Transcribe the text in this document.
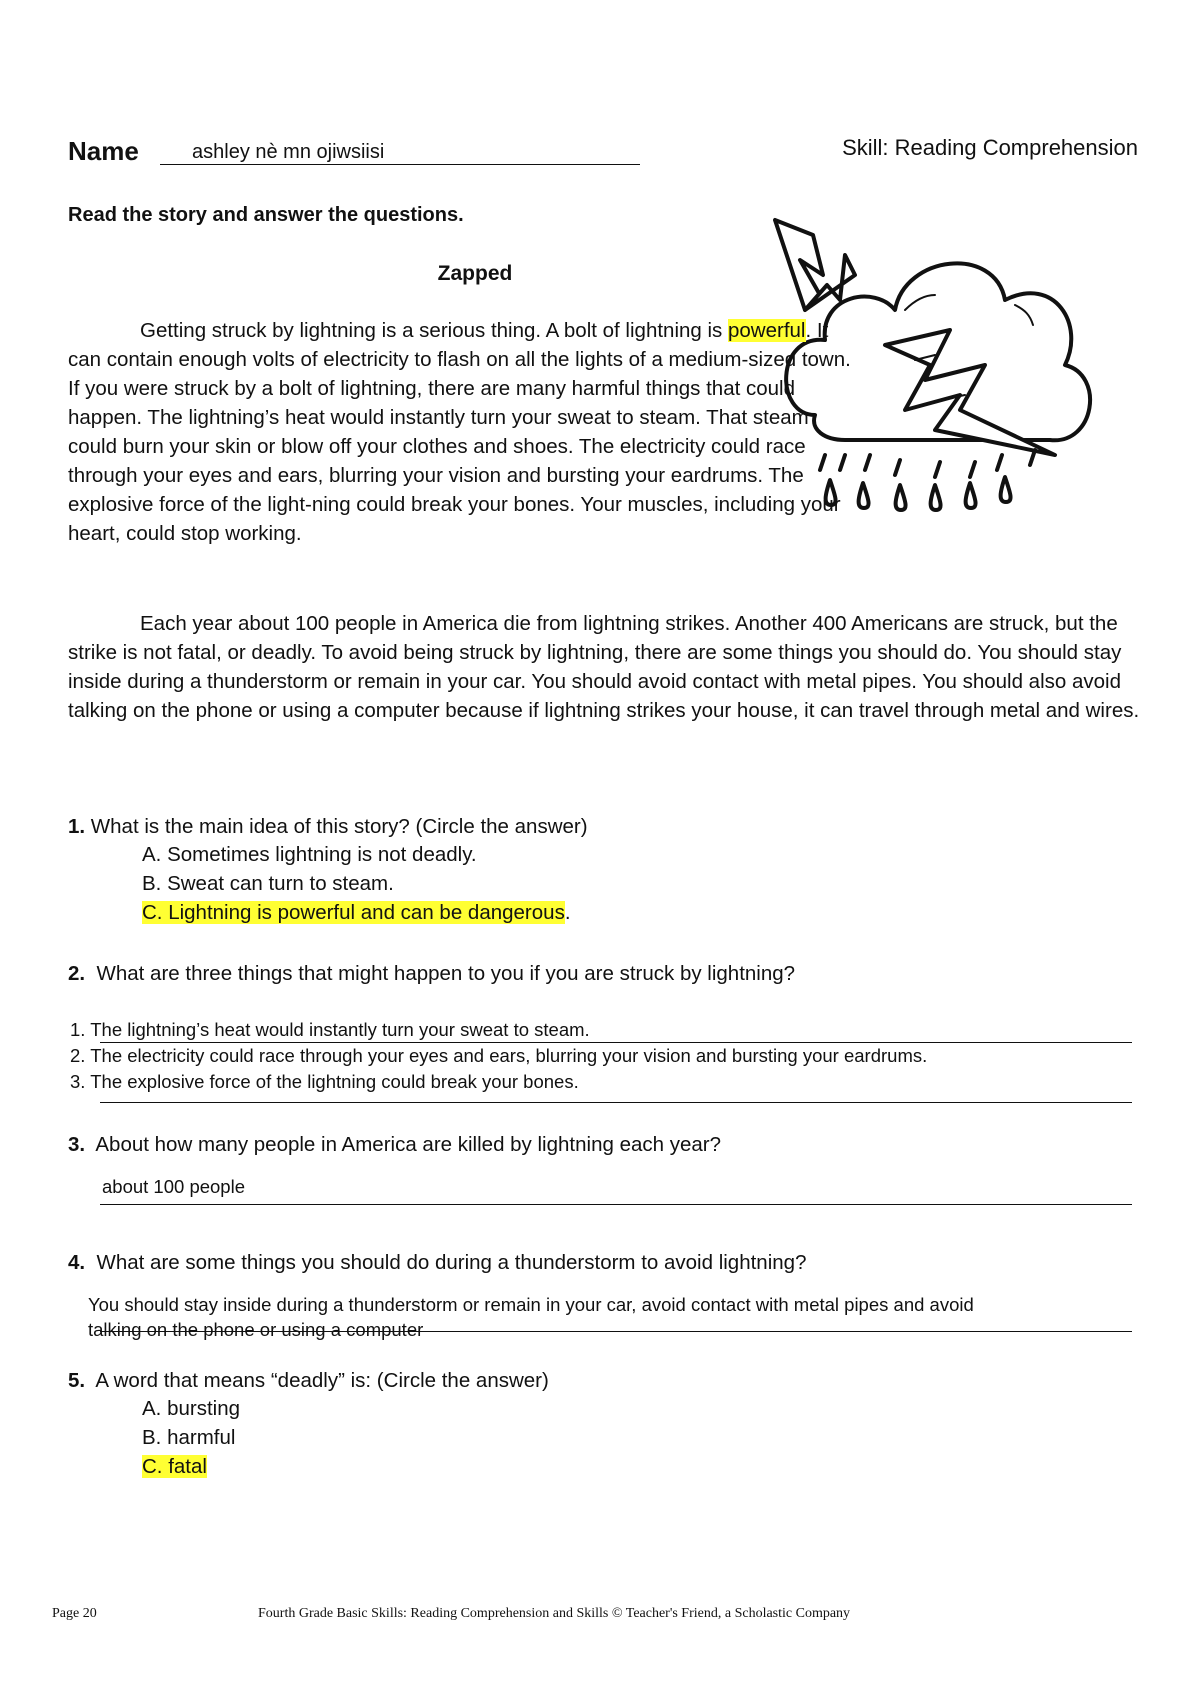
Name	ashley nè mn ojiwsiisi	Skill: Reading Comprehension
Read the story and answer the questions.
Zapped

Getting struck by lightning is a serious thing. A bolt of lightning is powerful. It can contain enough volts of electricity to flash on all the lights of a medium-sized town. If you were struck by a bolt of lightning, there are many harmful things that could happen. The lightning’s heat would instantly turn your sweat to steam. That steam could burn your skin or blow off your clothes and shoes. The electricity could race through your eyes and ears, blurring your vision and bursting your eardrums. The explosive force of the light-ning could break your bones. Your muscles, including your heart, could stop working.

Each year about 100 people in America die from lightning strikes. Another 400 Americans are struck, but the strike is not fatal, or deadly. To avoid being struck by lightning, there are some things you should do. You should stay inside during a thunderstorm or remain in your car. You should avoid contact with metal pipes. You should also avoid talking on the phone or using a computer because if lightning strikes your house, it can travel through metal and wires.

1. What is the main idea of this story? (Circle the answer)
A. Sometimes lightning is not deadly.
B. Sweat can turn to steam.
C. Lightning is powerful and can be dangerous.
2. What are three things that might happen to you if you are struck by lightning?
1. The lightning’s heat would instantly turn your sweat to steam.
2. The electricity could race through your eyes and ears, blurring your vision and bursting your eardrums.
3. The explosive force of the lightning could break your bones.
3. About how many people in America are killed by lightning each year?
about 100 people
4. What are some things you should do during a thunderstorm to avoid lightning?
You should stay inside during a thunderstorm or remain in your car, avoid contact with metal pipes and avoid
talking on the phone or using a computer
5. A word that means “deadly” is: (Circle the answer)
A. bursting
B. harmful
C. fatal
Page 20	Fourth Grade Basic Skills: Reading Comprehension and Skills © Teacher's Friend, a Scholastic Company
